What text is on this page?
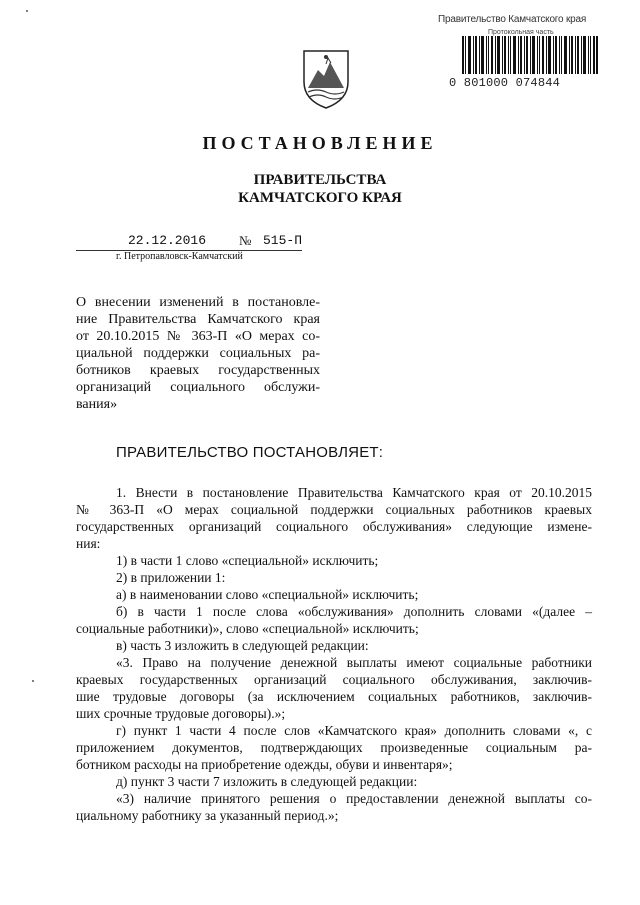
Правительство Камчатского края
Протокольная часть
0 801000 074844
ПОСТАНОВЛЕНИЕ
ПРАВИТЕЛЬСТВА
КАМЧАТСКОГО КРАЯ
22.12.2016	№ 515-П
г. Петропавловск-Камчатский
О внесении изменений в постановле-
ние Правительства Камчатского края
от 20.10.2015 № 363-П «О мерах со-
циальной поддержки социальных ра-
ботников краевых государственных
организаций социального обслужи-
вания»
ПРАВИТЕЛЬСТВО ПОСТАНОВЛЯЕТ:
1. Внести в постановление Правительства Камчатского края от 20.10.2015
№ 363-П «О мерах социальной поддержки социальных работников краевых
государственных организаций социального обслуживания» следующие измене-
ния:
1) в части 1 слово «специальной» исключить;
2) в приложении 1:
а) в наименовании слово «специальной» исключить;
б) в части 1 после слова «обслуживания» дополнить словами «(далее –
социальные работники)», слово «специальной» исключить;
в) часть 3 изложить в следующей редакции:
«3. Право на получение денежной выплаты имеют социальные работники
краевых государственных организаций социального обслуживания, заключив-
шие трудовые договоры (за исключением социальных работников, заключив-
ших срочные трудовые договоры).»;
г) пункт 1 части 4 после слов «Камчатского края» дополнить словами «, с
приложением документов, подтверждающих произведенные социальным ра-
ботником расходы на приобретение одежды, обуви и инвентаря»;
д) пункт 3 части 7 изложить в следующей редакции:
«3) наличие принятого решения о предоставлении денежной выплаты со-
циальному работнику за указанный период.»;
